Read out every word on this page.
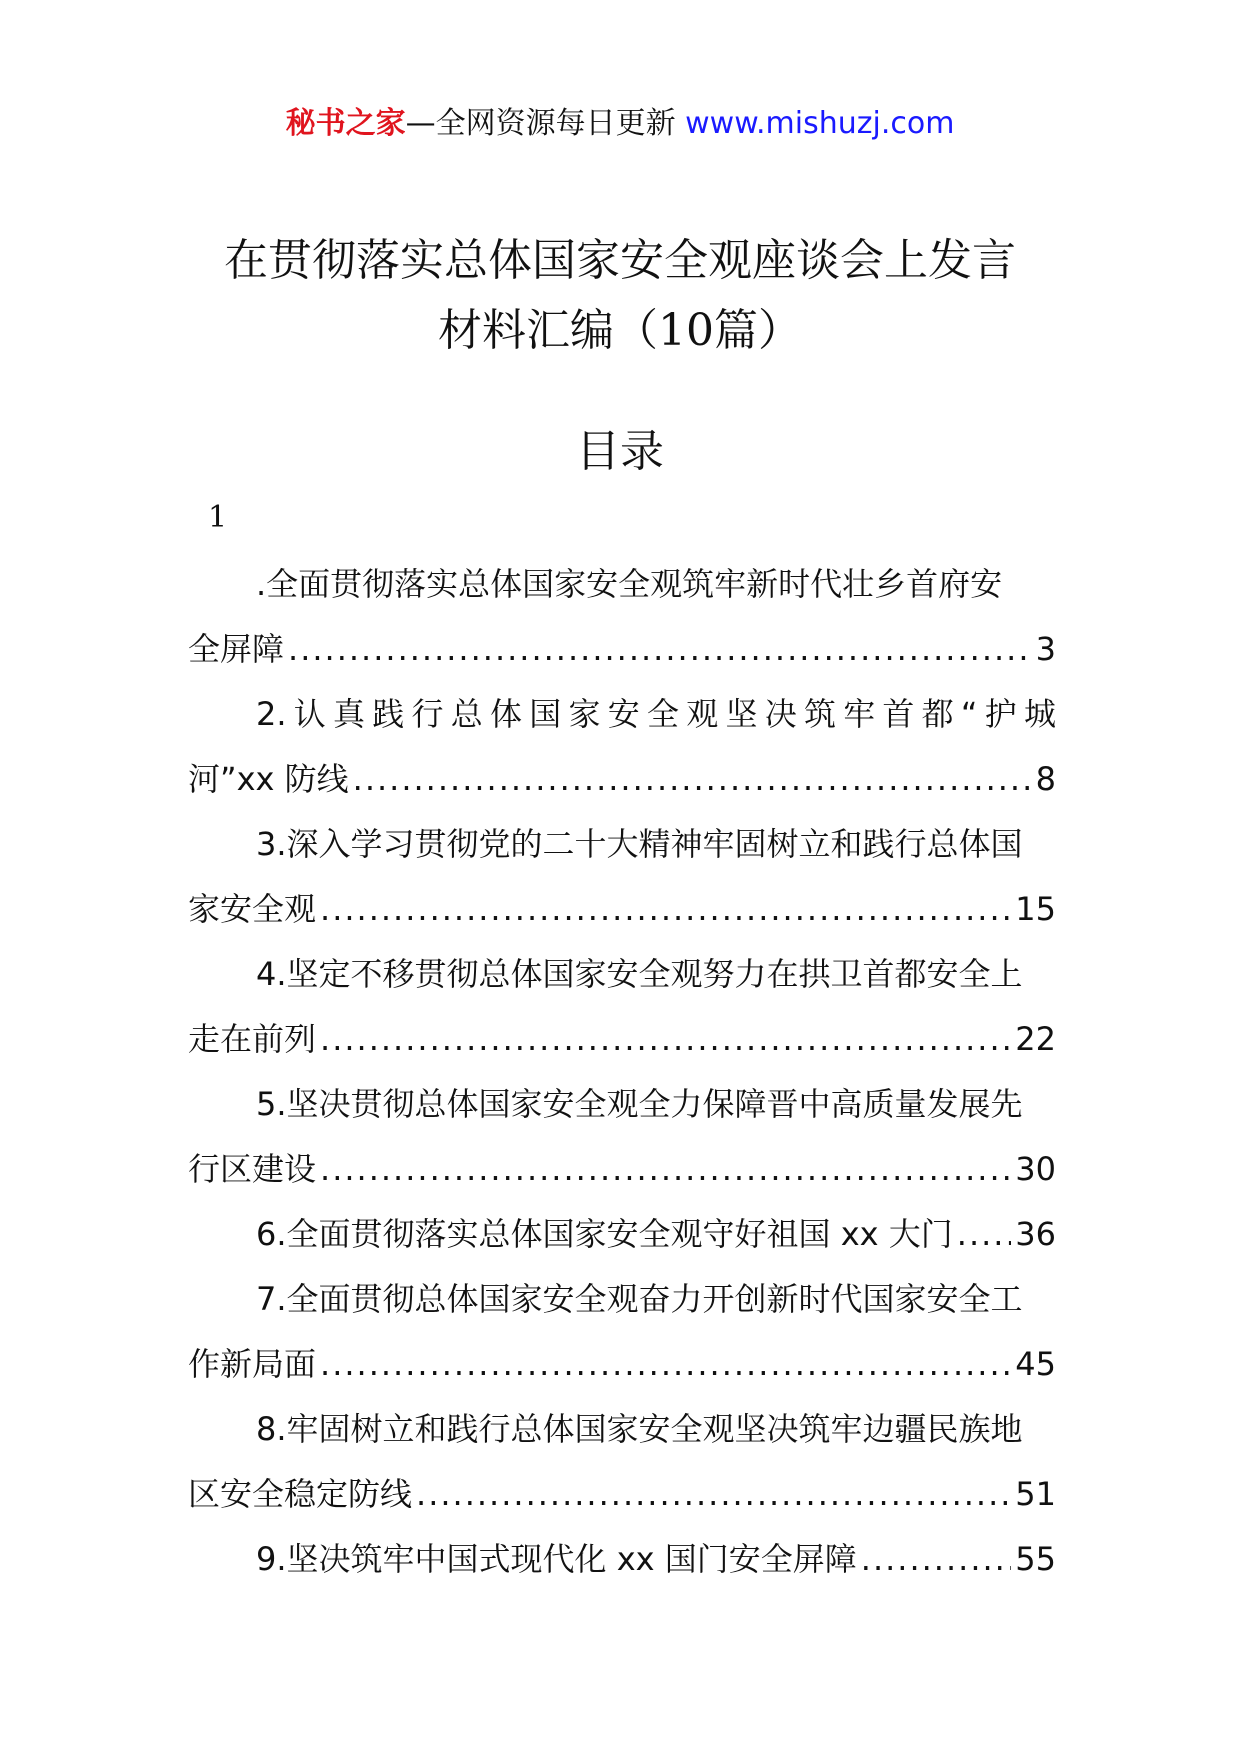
秘书之家—全网资源每日更新 www.mishuzj.com
在贯彻落实总体国家安全观座谈会上发言
材料汇编（10篇）
目录
1
.全面贯彻落实总体国家安全观筑牢新时代壮乡首府安
全屏障 .....	3
2.认真践行总体国家安全观坚决筑牢首都“护城
河”xx 防线 .....	8
3.深入学习贯彻党的二十大精神牢固树立和践行总体国
家安全观 .....	15
4.坚定不移贯彻总体国家安全观努力在拱卫首都安全上
走在前列 .....	22
5.坚决贯彻总体国家安全观全力保障晋中高质量发展先
行区建设 .....	30
6.全面贯彻落实总体国家安全观守好祖国 xx 大门 ..... 36
7.全面贯彻总体国家安全观奋力开创新时代国家安全工
作新局面 .....	45
8.牢固树立和践行总体国家安全观坚决筑牢边疆民族地
区安全稳定防线 .....	51
9.坚决筑牢中国式现代化 xx 国门安全屏障 .....	55
